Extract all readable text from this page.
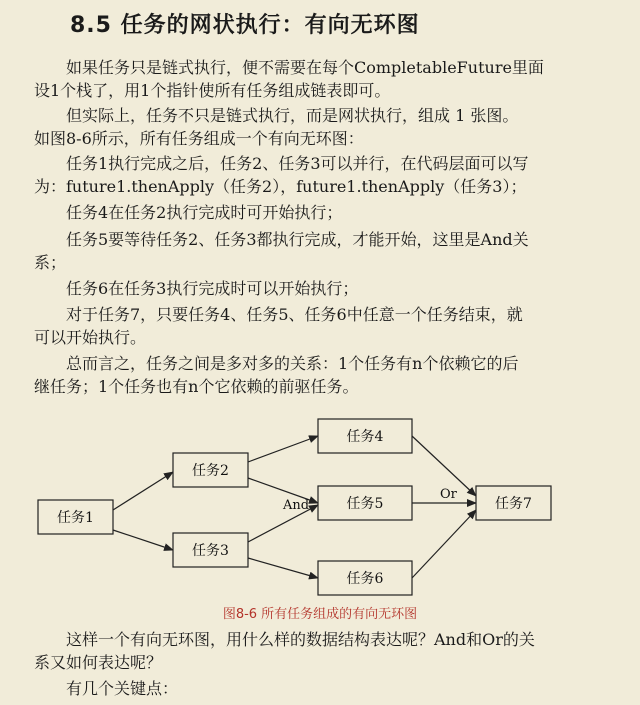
8.5 任务的网状执行：有向无环图
如果任务只是链式执行，便不需要在每个CompletableFuture里面
设1个栈了，用1个指针使所有任务组成链表即可。
但实际上，任务不只是链式执行，而是网状执行，组成 1 张图。
如图8-6所示，所有任务组成一个有向无环图：
任务1执行完成之后，任务2、任务3可以并行，在代码层面可以写
为：future1.thenApply（任务2），future1.thenApply（任务3）；
任务4在任务2执行完成时可开始执行；
任务5要等待任务2、任务3都执行完成，才能开始，这里是And关
系；
任务6在任务3执行完成时可以开始执行；
对于任务7，只要任务4、任务5、任务6中任意一个任务结束，就
可以开始执行。
总而言之，任务之间是多对多的关系：1个任务有n个依赖它的后
继任务；1个任务也有n个它依赖的前驱任务。
任务1
任务2
任务3
任务4
任务5
任务6
任务7
And
Or
图8-6 所有任务组成的有向无环图
这样一个有向无环图，用什么样的数据结构表达呢？And和Or的关
系又如何表达呢？
有几个关键点：
